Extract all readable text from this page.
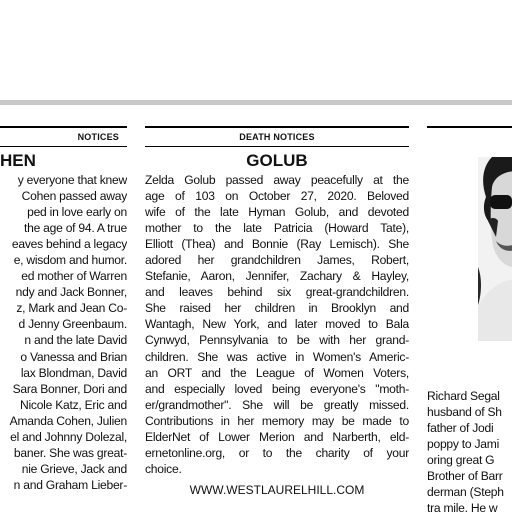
NOTICES
HEN
y everyone that knew
Cohen passed away
ped in love early on
the age of 94. A true
eaves behind a legacy
e, wisdom and humor.
ed mother of Warren
ndy and Jack Bonner,
z, Mark and Jean Co-
d Jenny Greenbaum.
n and the late David
o Vanessa and Brian
lax Blondman, David
Sara Bonner, Dori and
Nicole Katz, Eric and
Amanda Cohen, Julien
el and Johnny Dolezal,
baner. She was great-
nie Grieve, Jack and
n and Graham Lieber-
DEATH NOTICES
GOLUB
Zelda Golub passed away peacefully at the
age of 103 on October 27, 2020. Beloved
wife of the late Hyman Golub, and devoted
mother to the late Patricia (Howard Tate),
Elliott (Thea) and Bonnie (Ray Lemisch). She
adored her grandchildren James, Robert,
Stefanie, Aaron, Jennifer, Zachary & Hayley,
and leaves behind six great-grandchildren.
She raised her children in Brooklyn and
Wantagh, New York, and later moved to Bala
Cynwyd, Pennsylvania to be with her grand-
children. She was active in Women's Americ-
an ORT and the League of Women Voters,
and especially loved being everyone's "moth-
er/grandmother". She will be greatly missed.
Contributions in her memory may be made to
ElderNet of Lower Merion and Narberth, eld-
ernetonline.org, or to the charity of your
choice.
WWW.WESTLAURELHILL.COM
Richard Segal
husband of Sh
father of Jodi
poppy to Jami
oring great G
Brother of Barr
derman (Steph
tra mile. He w
